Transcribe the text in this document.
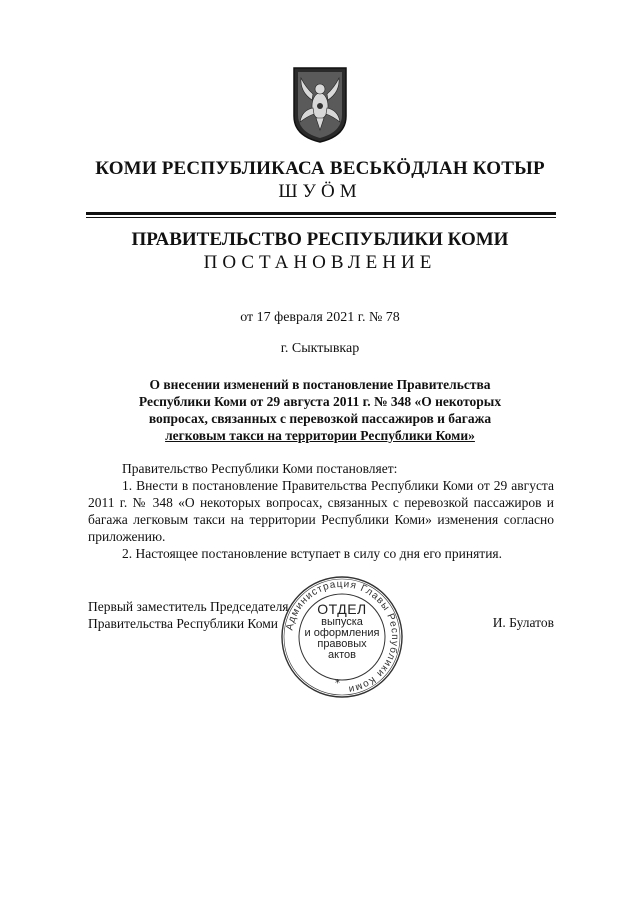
КОМИ РЕСПУБЛИКАСА ВЕСЬКÖДЛАН КОТЫР
ШУÖМ
ПРАВИТЕЛЬСТВО РЕСПУБЛИКИ КОМИ
ПОСТАНОВЛЕНИЕ
от 17 февраля 2021 г. № 78
г. Сыктывкар
О внесении изменений в постановление Правительства
Республики Коми от 29 августа 2011 г. № 348 «О некоторых
вопросах, связанных с перевозкой пассажиров и багажа
легковым такси на территории Республики Коми»

Правительство Республики Коми постановляет:

1. Внести в постановление Правительства Республики Коми от 29 августа 2011 г. № 348 «О некоторых вопросах, связанных с перевозкой пассажиров и багажа легковым такси на территории Республики Коми» изменения согласно приложению.

2. Настоящее постановление вступает в силу со дня его принятия.

Первый заместитель Председателя
Правительства Республики Коми	И. Булатов
Администрация Главы Республики Коми
ОТДЕЛ
выпуска
и оформления
правовых
актов
*
